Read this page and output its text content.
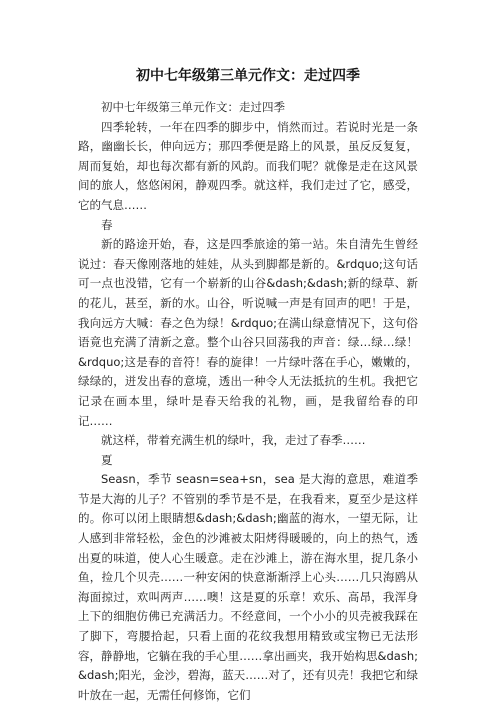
初中七年级第三单元作文：走过四季

初中七年级第三单元作文：走过四季

四季轮转，一年在四季的脚步中，悄然而过。若说时光是一条路，幽幽长长，伸向远方；那四季便是路上的风景，虽反反复复，周而复始，却也每次都有新的风韵。而我们呢？就像是走在这风景间的旅人，悠悠闲闲，静观四季。就这样，我们走过了它，感受，它的气息……

春

新的路途开始，春，这是四季旅途的第一站。朱自清先生曾经说过：春天像刚落地的娃娃，从头到脚都是新的。&rdquo;这句话可一点也没错，它有一个崭新的山谷&dash;&dash;新的绿草、新的花儿，甚至，新的水。山谷，听说喊一声是有回声的吧！于是，我向远方大喊：春之色为绿！&rdquo;在满山绿意情况下，这句俗语竟也充满了清新之意。整个山谷只回荡我的声音：绿…绿…绿！&rdquo;这是春的音符！春的旋律！一片绿叶落在手心，嫩嫩的，绿绿的，迸发出春的意境，透出一种令人无法抵抗的生机。我把它记录在画本里，绿叶是春天给我的礼物，画，是我留给春的印记……

就这样，带着充满生机的绿叶，我，走过了春季……

夏

Seasn，季节 seasn=sea+sn，sea 是大海的意思，难道季节是大海的儿子？不管别的季节是不是，在我看来，夏至少是这样的。你可以闭上眼睛想&dash;&dash;幽蓝的海水，一望无际，让人感到非常轻松，金色的沙滩被太阳烤得暖暖的，向上的热气，透出夏的味道，使人心生暖意。走在沙滩上，游在海水里，捉几条小鱼，捡几个贝壳……一种安闲的快意渐渐浮上心头……几只海鸥从海面掠过，欢叫两声……噢！这是夏的乐章！欢乐、高昂，我浑身上下的细胞仿佛已充满活力。不经意间，一个小小的贝壳被我踩在了脚下，弯腰拾起，只看上面的花纹我想用精致或宝物已无法形容，静静地，它躺在我的手心里……拿出画夹，我开始构思&dash;&dash;阳光，金沙，碧海，蓝天……对了，还有贝壳！我把它和绿叶放在一起，无需任何修饰，它们
